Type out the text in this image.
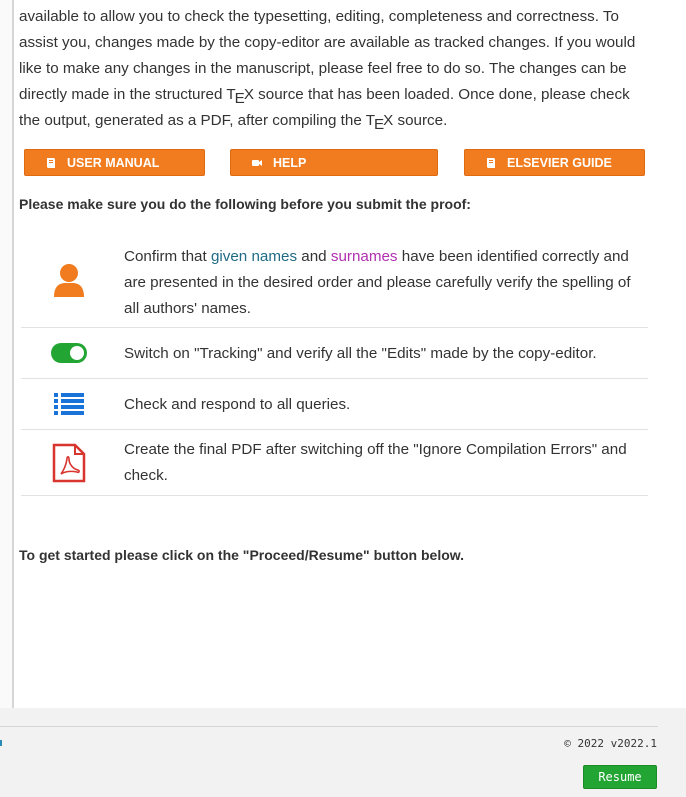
available to allow you to check the typesetting, editing, completeness and correctness. To
assist you, changes made by the copy-editor are available as tracked changes. If you would
like to make any changes in the manuscript, please feel free to do so. The changes can be
directly made in the structured TEX source that has been loaded. Once done, please check
the output, generated as a PDF, after compiling the TEX source.
USER MANUAL	HELP	ELSEVIER GUIDE
Please make sure you do the following before you submit the proof:
Confirm that given names and surnames have been identified correctly and are presented in the desired order and please carefully verify the spelling of all authors' names.
Switch on "Tracking" and verify all the "Edits" made by the copy-editor.
Check and respond to all queries.
Create the final PDF after switching off the "Ignore Compilation Errors" and check.
To get started please click on the "Proceed/Resume" button below.
© 2022 v2022.1
Resume
